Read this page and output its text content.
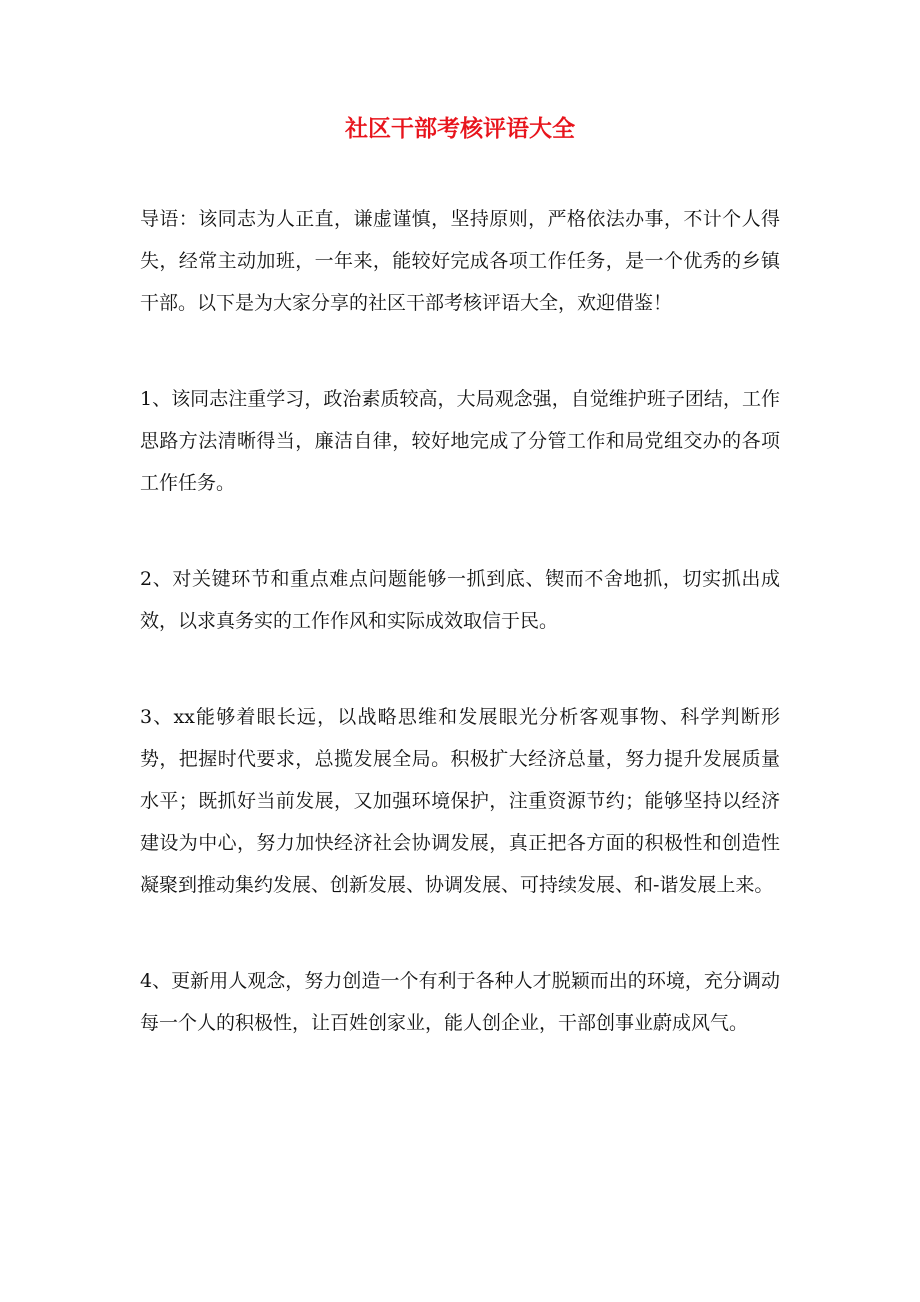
社区干部考核评语大全

导语：该同志为人正直，谦虚谨慎，坚持原则，严格依法办事，不计个人得失，经常主动加班，一年来，能较好完成各项工作任务，是一个优秀的乡镇干部。以下是为大家分享的社区干部考核评语大全，欢迎借鉴！

1、该同志注重学习，政治素质较高，大局观念强，自觉维护班子团结，工作思路方法清晰得当，廉洁自律，较好地完成了分管工作和局党组交办的各项工作任务。

2、对关键环节和重点难点问题能够一抓到底、锲而不舍地抓，切实抓出成效，以求真务实的工作作风和实际成效取信于民。

3、xx能够着眼长远，以战略思维和发展眼光分析客观事物、科学判断形势，把握时代要求，总揽发展全局。积极扩大经济总量，努力提升发展质量水平；既抓好当前发展，又加强环境保护，注重资源节约；能够坚持以经济建设为中心，努力加快经济社会协调发展，真正把各方面的积极性和创造性凝聚到推动集约发展、创新发展、协调发展、可持续发展、和-谐发展上来。

4、更新用人观念，努力创造一个有利于各种人才脱颖而出的环境，充分调动每一个人的积极性，让百姓创家业，能人创企业，干部创事业蔚成风气。
